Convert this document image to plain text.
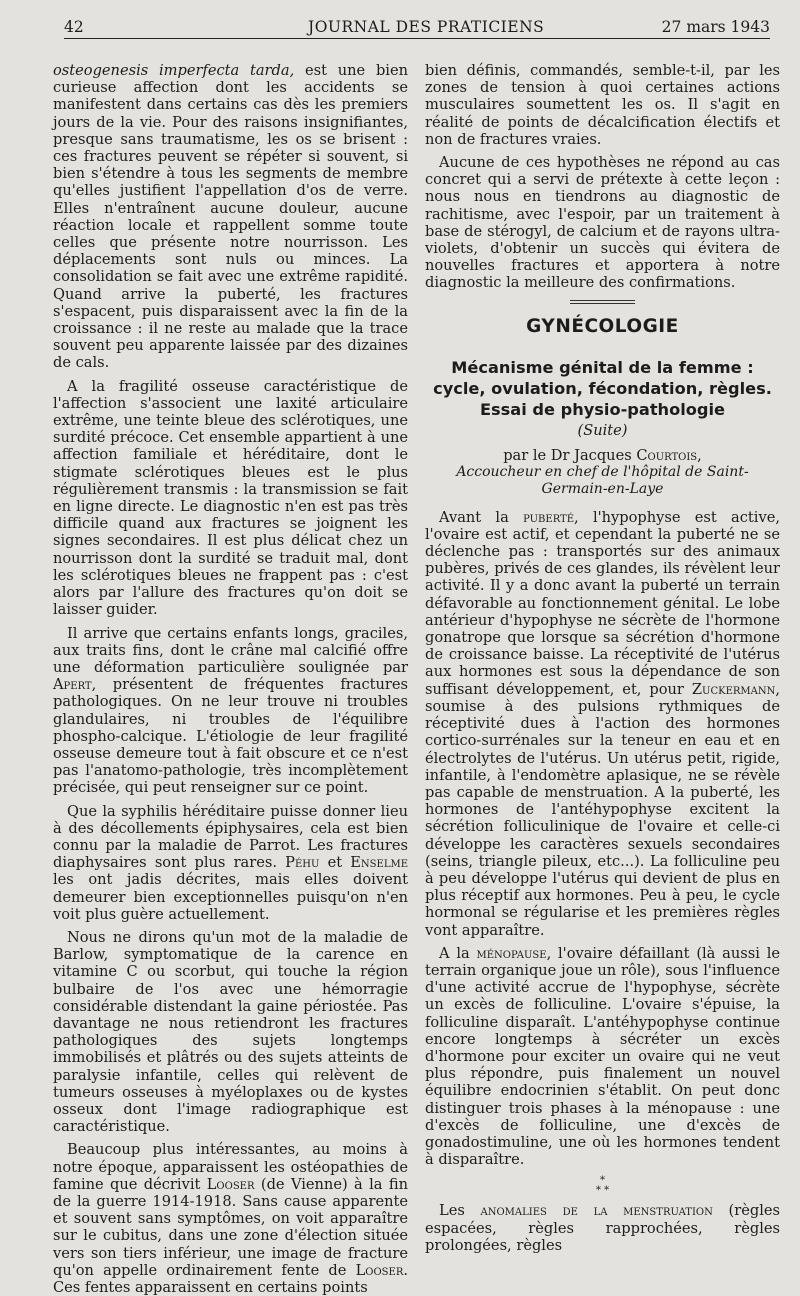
42	JOURNAL DES PRATICIENS	27 mars 1943

osteogenesis imperfecta tarda, est une bien curieuse affection dont les accidents se manifestent dans certains cas dès les premiers jours de la vie. Pour des raisons insignifiantes, presque sans traumatisme, les os se brisent : ces fractures peuvent se répéter si souvent, si bien s'étendre à tous les segments de membre qu'elles justifient l'appellation d'os de verre. Elles n'entraînent aucune douleur, aucune réaction locale et rappellent somme toute celles que présente notre nourrisson. Les déplacements sont nuls ou minces. La consolidation se fait avec une extrême rapidité. Quand arrive la puberté, les fractures s'espacent, puis disparaissent avec la fin de la croissance : il ne reste au malade que la trace souvent peu apparente laissée par des dizaines de cals.

A la fragilité osseuse caractéristique de l'affection s'associent une laxité articulaire extrême, une teinte bleue des sclérotiques, une surdité précoce. Cet ensemble appartient à une affection familiale et héréditaire, dont le stigmate sclérotiques bleues est le plus régulièrement transmis : la transmission se fait en ligne directe. Le diagnostic n'en est pas très difficile quand aux fractures se joignent les signes secondaires. Il est plus délicat chez un nourrisson dont la surdité se traduit mal, dont les sclérotiques bleues ne frappent pas : c'est alors par l'allure des fractures qu'on doit se laisser guider.

Il arrive que certains enfants longs, graciles, aux traits fins, dont le crâne mal calcifié offre une déformation particulière soulignée par Apert, présentent de fréquentes fractures pathologiques. On ne leur trouve ni troubles glandulaires, ni troubles de l'équilibre phospho-calcique. L'étiologie de leur fragilité osseuse demeure tout à fait obscure et ce n'est pas l'anatomo-pathologie, très incomplètement précisée, qui peut renseigner sur ce point.

Que la syphilis héréditaire puisse donner lieu à des décollements épiphysaires, cela est bien connu par la maladie de Parrot. Les fractures diaphysaires sont plus rares. Péhu et Enselme les ont jadis décrites, mais elles doivent demeurer bien exceptionnelles puisqu'on n'en voit plus guère actuellement.

Nous ne dirons qu'un mot de la maladie de Barlow, symptomatique de la carence en vitamine C ou scorbut, qui touche la région bulbaire de l'os avec une hémorragie considérable distendant la gaine périostée. Pas davantage ne nous retiendront les fractures pathologiques des sujets longtemps immobilisés et plâtrés ou des sujets atteints de paralysie infantile, celles qui relèvent de tumeurs osseuses à myéloplaxes ou de kystes osseux dont l'image radiographique est caractéristique.

Beaucoup plus intéressantes, au moins à notre époque, apparaissent les ostéopathies de famine que décrivit Looser (de Vienne) à la fin de la guerre 1914-1918. Sans cause apparente et souvent sans symptômes, on voit apparaître sur le cubitus, dans une zone d'élection située vers son tiers inférieur, une image de fracture qu'on appelle ordinairement fente de Looser. Ces fentes apparaissent en certains points

bien définis, commandés, semble-t-il, par les zones de tension à quoi certaines actions musculaires soumettent les os. Il s'agit en réalité de points de décalcification électifs et non de fractures vraies.

Aucune de ces hypothèses ne répond au cas concret qui a servi de prétexte à cette leçon : nous nous en tiendrons au diagnostic de rachitisme, avec l'espoir, par un traitement à base de stérogyl, de calcium et de rayons ultra-violets, d'obtenir un succès qui évitera de nouvelles fractures et apportera à notre diagnostic la meilleure des confirmations.

GYNÉCOLOGIE
Mécanisme génital de la femme :
cycle, ovulation, fécondation, règles.
Essai de physio-pathologie
(Suite)
par le Dr Jacques Courtois,
Accoucheur en chef de l'hôpital de Saint-Germain-en-Laye

Avant la puberté, l'hypophyse est active, l'ovaire est actif, et cependant la puberté ne se déclenche pas : transportés sur des animaux pubères, privés de ces glandes, ils révèlent leur activité. Il y a donc avant la puberté un terrain défavorable au fonctionnement génital. Le lobe antérieur d'hypophyse ne sécrète de l'hormone gonatrope que lorsque sa sécrétion d'hormone de croissance baisse. La réceptivité de l'utérus aux hormones est sous la dépendance de son suffisant développement, et, pour Zuckermann, soumise à des pulsions rythmiques de réceptivité dues à l'action des hormones cortico-surrénales sur la teneur en eau et en électrolytes de l'utérus. Un utérus petit, rigide, infantile, à l'endomètre aplasique, ne se révèle pas capable de menstruation. A la puberté, les hormones de l'antéhypophyse excitent la sécrétion folliculinique de l'ovaire et celle-ci développe les caractères sexuels secondaires (seins, triangle pileux, etc...). La folliculine peu à peu développe l'utérus qui devient de plus en plus réceptif aux hormones. Peu à peu, le cycle hormonal se régularise et les premières règles vont apparaître.

A la ménopause, l'ovaire défaillant (là aussi le terrain organique joue un rôle), sous l'influence d'une activité accrue de l'hypophyse, sécrète un excès de folliculine. L'ovaire s'épuise, la folliculine disparaît. L'antéhypophyse continue encore longtemps à sécréter un excès d'hormone pour exciter un ovaire qui ne veut plus répondre, puis finalement un nouvel équilibre endocrinien s'établit. On peut donc distinguer trois phases à la ménopause : une d'excès de folliculine, une d'excès de gonadostimuline, une où les hormones tendent à disparaître.

*
* *

Les anomalies de la menstruation (règles espacées, règles rapprochées, règles prolongées, règles
